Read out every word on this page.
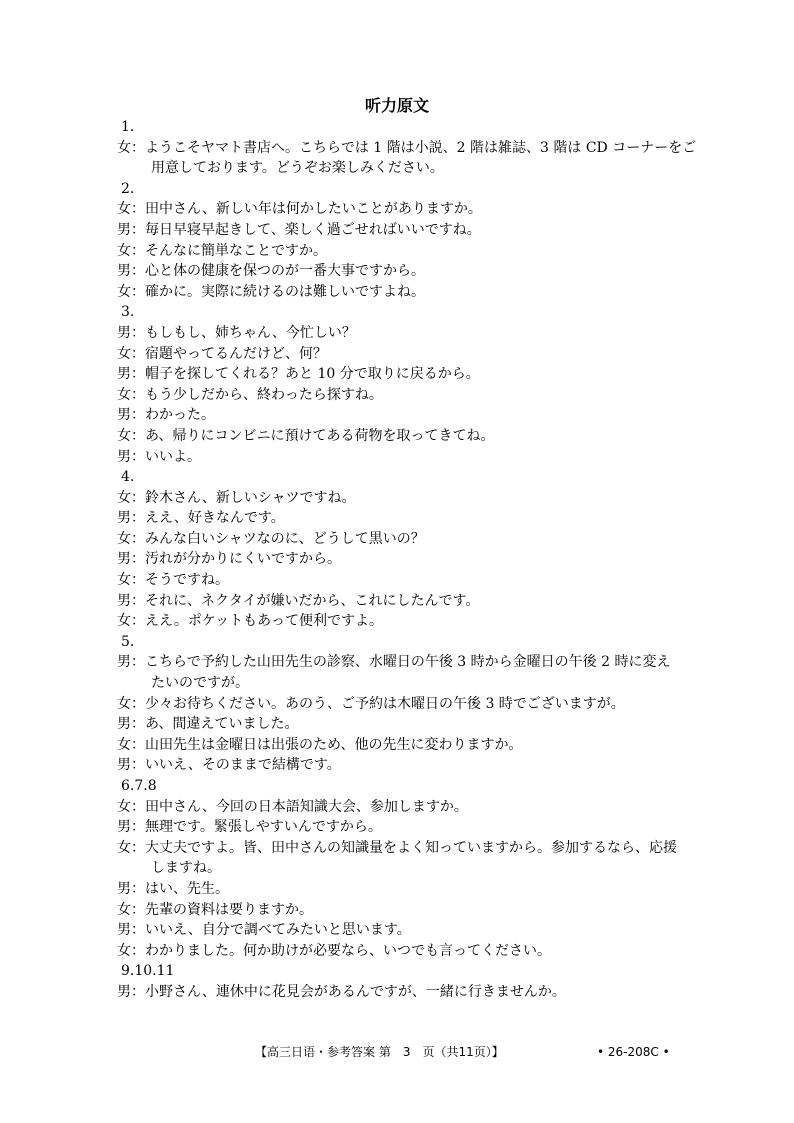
听力原文
1.
女：ようこそヤマト書店へ。こちらでは 1 階は小説、2 階は雑誌、3 階は CD コーナーをご
用意しております。どうぞお楽しみください。
2.
女：田中さん、新しい年は何かしたいことがありますか。
男：毎日早寝早起きして、楽しく過ごせればいいですね。
女：そんなに簡単なことですか。
男：心と体の健康を保つのが一番大事ですから。
女：確かに。実際に続けるのは難しいですよね。
3.
男：もしもし、姉ちゃん、今忙しい？
女：宿題やってるんだけど、何？
男：帽子を探してくれる？あと 10 分で取りに戻るから。
女：もう少しだから、終わったら探すね。
男：わかった。
女：あ、帰りにコンビニに預けてある荷物を取ってきてね。
男：いいよ。
4.
女：鈴木さん、新しいシャツですね。
男：ええ、好きなんです。
女：みんな白いシャツなのに、どうして黒いの？
男：汚れが分かりにくいですから。
女：そうですね。
男：それに、ネクタイが嫌いだから、これにしたんです。
女：ええ。ポケットもあって便利ですよ。
5.
男：こちらで予約した山田先生の診察、水曜日の午後 3 時から金曜日の午後 2 時に変え
たいのですが。
女：少々お待ちください。あのう、ご予約は木曜日の午後 3 時でございますが。
男：あ、間違えていました。
女：山田先生は金曜日は出張のため、他の先生に変わりますか。
男：いいえ、そのままで結構です。
6.7.8
女：田中さん、今回の日本語知識大会、参加しますか。
男：無理です。緊張しやすいんですから。
女：大丈夫ですよ。皆、田中さんの知識量をよく知っていますから。参加するなら、応援
しますね。
男：はい、先生。
女：先輩の資料は要りますか。
男：いいえ、自分で調べてみたいと思います。
女：わかりました。何か助けが必要なら、いつでも言ってください。
9.10.11
男：小野さん、連休中に花見会があるんですが、一緒に行きませんか。
【高三日语・参考答案 第　3　页（共11页）】	• 26-208C •
